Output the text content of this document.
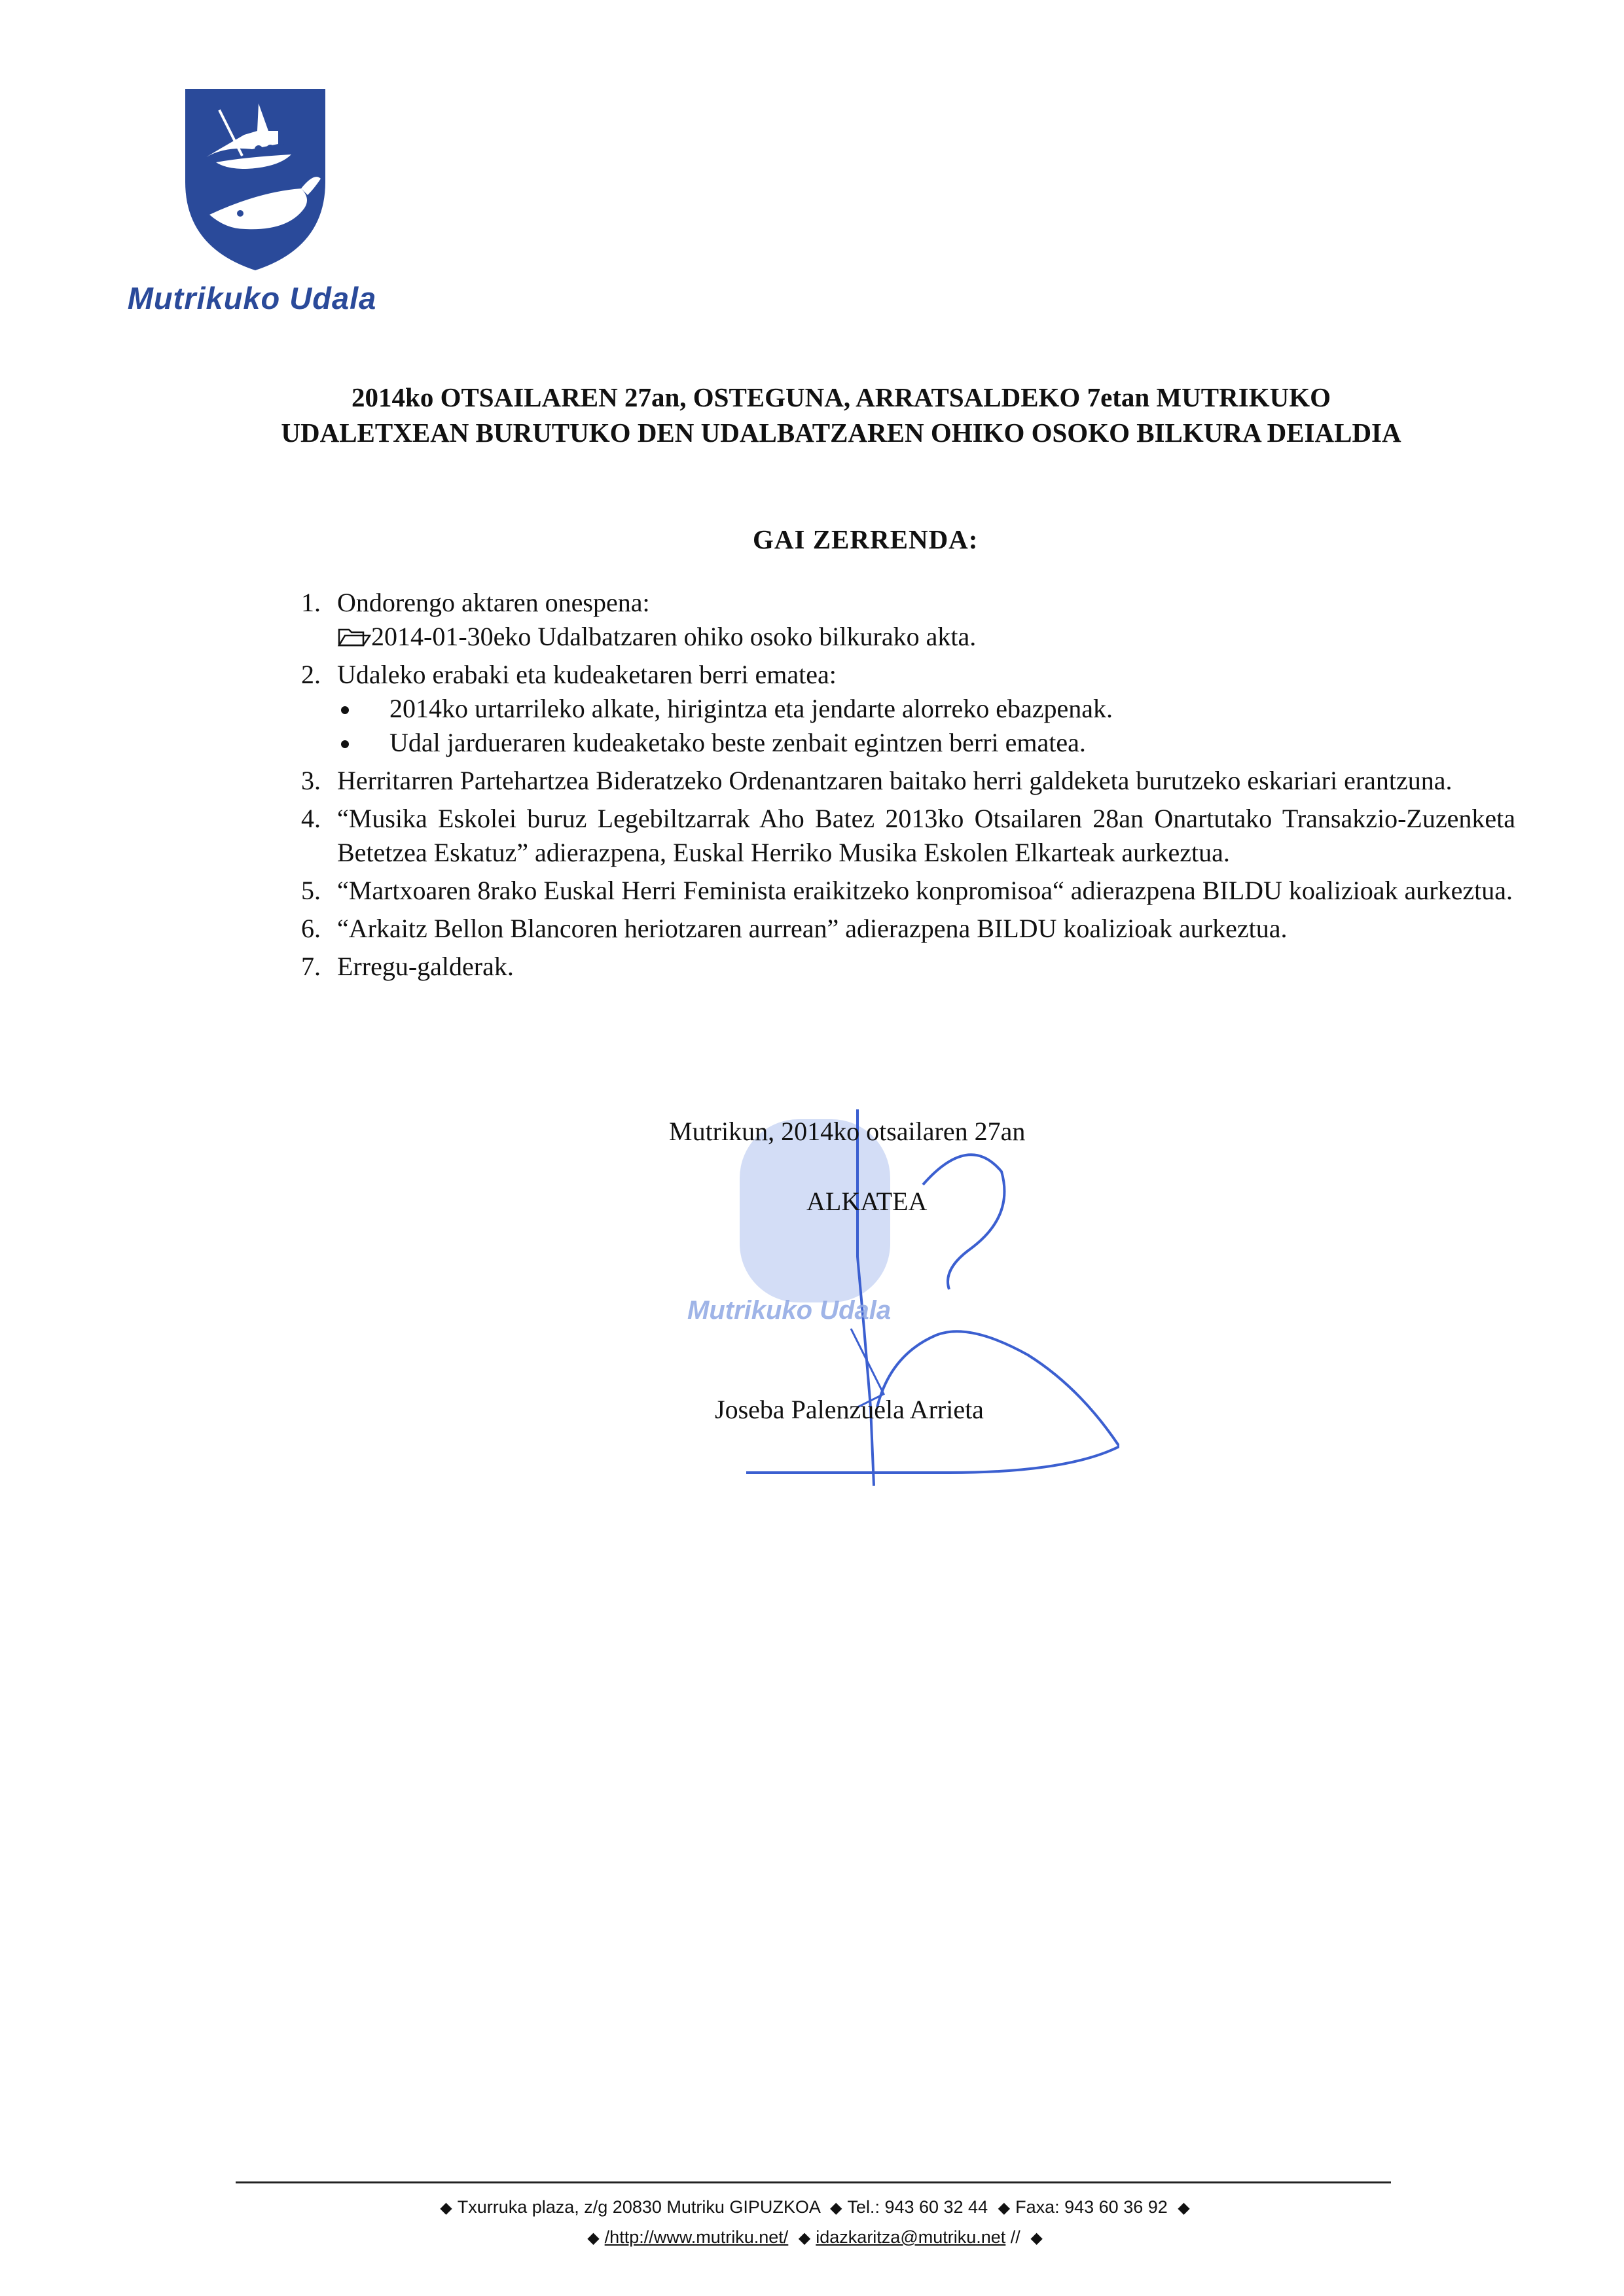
Mutrikuko Udala
2014ko OTSAILAREN 27an, OSTEGUNA, ARRATSALDEKO 7etan MUTRIKUKO
UDALETXEAN BURUTUKO DEN UDALBATZAREN OHIKO OSOKO BILKURA DEIALDIA
GAI ZERRENDA:
1. Ondorengo aktaren onespena:
2014-01-30eko Udalbatzaren ohiko osoko bilkurako akta.
2. Udaleko erabaki eta kudeaketaren berri ematea:
2014ko urtarrileko alkate, hirigintza eta jendarte alorreko ebazpenak.
Udal jardueraren kudeaketako beste zenbait egintzen berri ematea.
3. Herritarren Partehartzea Bideratzeko Ordenantzaren baitako herri galdeketa burutzeko eskariari erantzuna.
4. “Musika Eskolei buruz Legebiltzarrak Aho Batez 2013ko Otsailaren 28an Onartutako Transakzio-Zuzenketa Betetzea Eskatuz” adierazpena, Euskal Herriko Musika Eskolen Elkarteak aurkeztua.
5. “Martxoaren 8rako Euskal Herri Feminista eraikitzeko konpromisoa“ adierazpena BILDU koalizioak aurkeztua.
6. “Arkaitz Bellon Blancoren heriotzaren aurrean” adierazpena BILDU koalizioak aurkeztua.
7. Erregu-galderak.
Mutrikuko Udala
Mutrikun, 2014ko otsailaren 27an
ALKATEA
Joseba Palenzuela Arrieta
◆ Txurruka plaza, z/g 20830 Mutriku GIPUZKOA ◆ Tel.: 943 60 32 44 ◆ Faxa: 943 60 36 92 ◆
◆ /http://www.mutriku.net/ ◆ idazkaritza@mutriku.net // ◆
